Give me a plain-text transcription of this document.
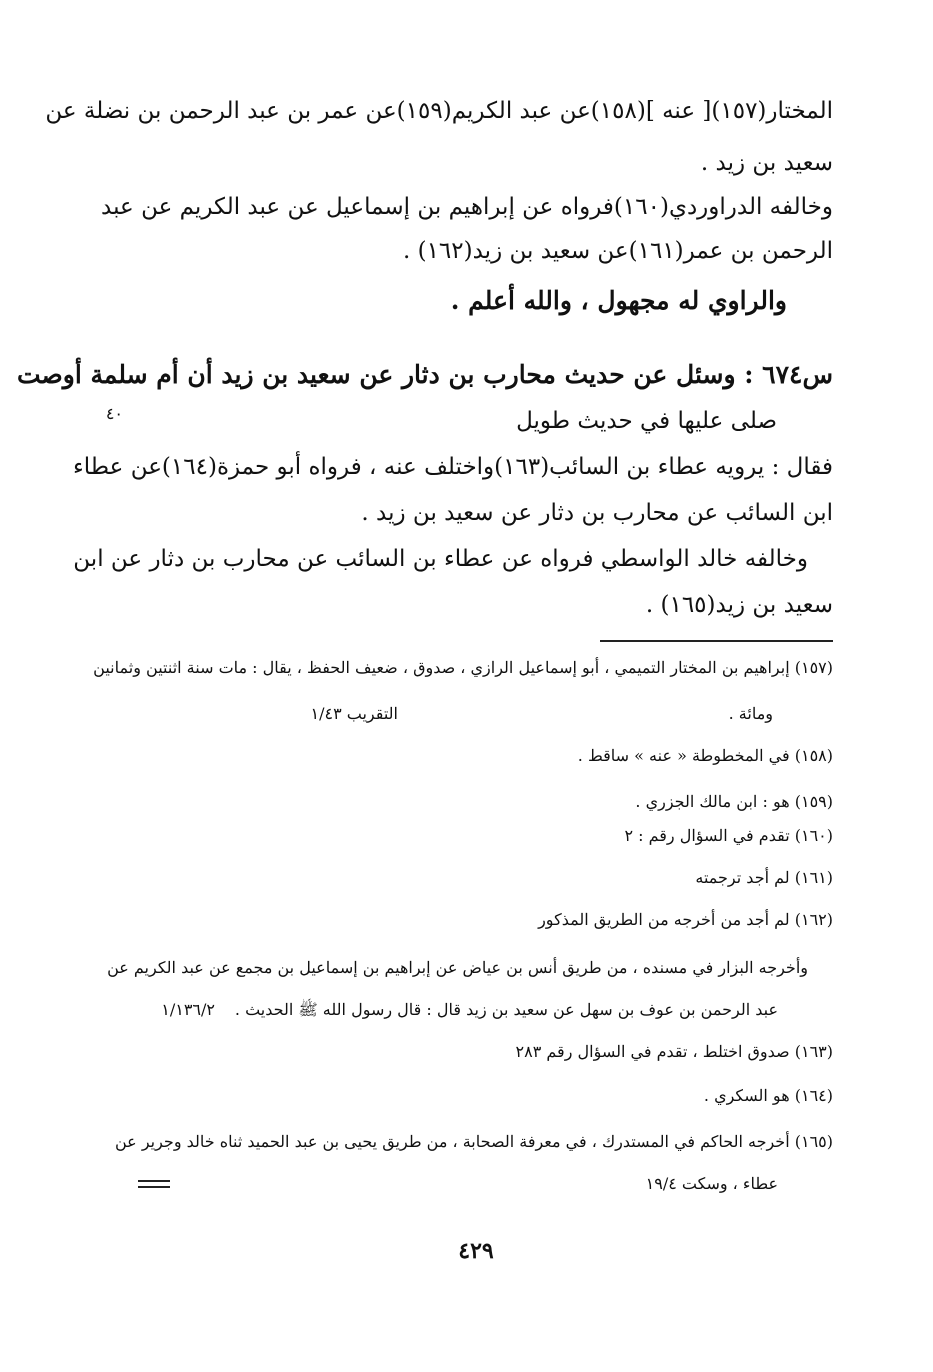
المختار(١٥٧)[ عنه ](١٥٨)عن عبد الكريم(١٥٩)عن عمر بن عبد الرحمن بن نضلة عن
سعيد بن زيد .
وخالفه الدراوردي(١٦٠)فرواه عن إبراهيم بن إسماعيل عن عبد الكريم عن عبد
الرحمن بن عمر(١٦١)عن سعيد بن زيد(١٦٢) .
والراوي له مجهول ، والله أعلم .
س٦٧٤ : وسئل عن حديث محارب بن دثار عن سعيد بن زيد أن أم سلمة أوصت
صلى عليها في حديث طويل
٤٠
فقال : يرويه عطاء بن السائب(١٦٣)واختلف عنه ، فرواه أبو حمزة(١٦٤)عن عطاء
ابن السائب عن محارب بن دثار عن سعيد بن زيد .
وخالفه خالد الواسطي فرواه عن عطاء بن السائب عن محارب بن دثار عن ابن
سعيد بن زيد(١٦٥) .
(١٥٧) إبراهيم بن المختار التميمي ، أبو إسماعيل الرازي ، صدوق ، ضعيف الحفظ ، يقال : مات سنة اثنتين وثمانين
ومائة .
التقريب ١/٤٣
(١٥٨) في المخطوطة « عنه » ساقط .
(١٥٩) هو : ابن مالك الجزري .
(١٦٠) تقدم في السؤال رقم : ٢
(١٦١) لم أجد ترجمته
(١٦٢) لم أجد من أخرجه من الطريق المذكور
وأخرجه البزار في مسنده ، من طريق أنس بن عياض عن إبراهيم بن إسماعيل بن مجمع عن عبد الكريم عن
عبد الرحمن بن عوف بن سهل عن سعيد بن زيد قال : قال رسول الله ﷺ الحديث .
١/١٣٦/٢
(١٦٣) صدوق اختلط ، تقدم في السؤال رقم ٢٨٣
(١٦٤) هو السكري .
(١٦٥) أخرجه الحاكم في المستدرك ، في معرفة الصحابة ، من طريق يحيى بن عبد الحميد ثناه خالد وجرير عن
عطاء ، وسكت ١٩/٤
٤٢٩
